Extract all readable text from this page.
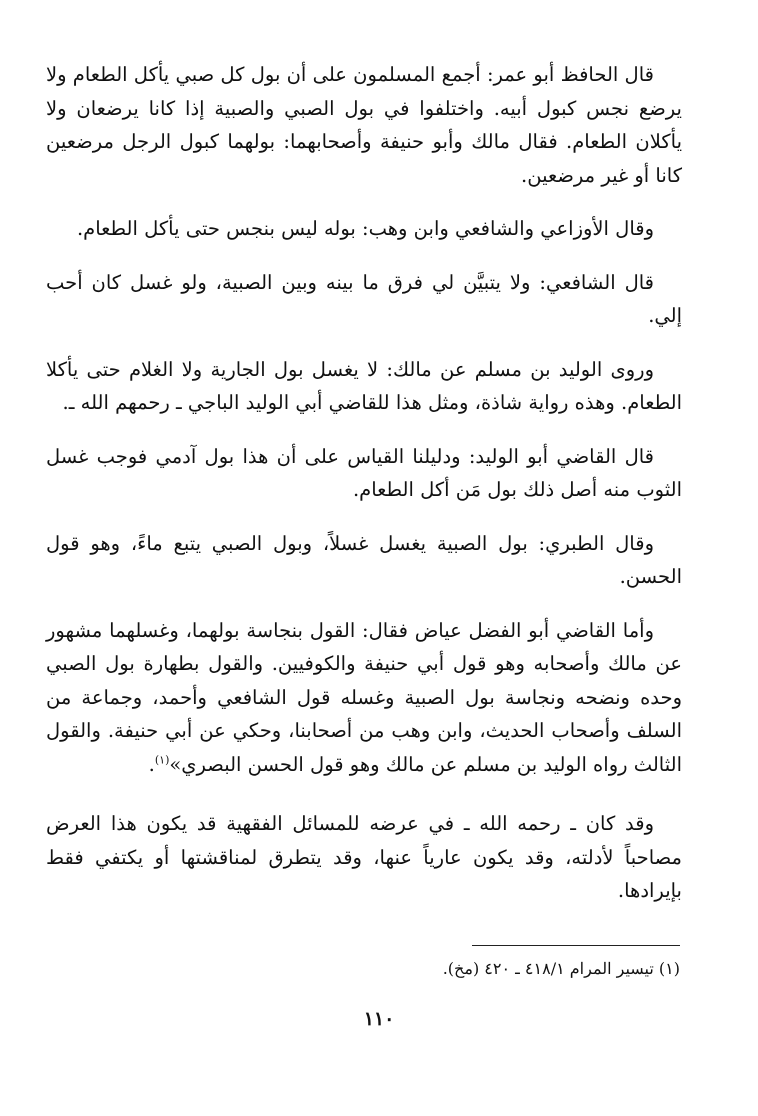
قال الحافظ أبو عمر: أجمع المسلمون على أن بول كل صبي يأكل الطعام ولا يرضع نجس كبول أبيه. واختلفوا في بول الصبي والصبية إذا كانا يرضعان ولا يأكلان الطعام. فقال مالك وأبو حنيفة وأصحابهما: بولهما كبول الرجل مرضعين كانا أو غير مرضعين.

وقال الأوزاعي والشافعي وابن وهب: بوله ليس بنجس حتى يأكل الطعام.

قال الشافعي: ولا يتبيَّن لي فرق ما بينه وبين الصبية، ولو غسل كان أحب إلي.

وروى الوليد بن مسلم عن مالك: لا يغسل بول الجارية ولا الغلام حتى يأكلا الطعام. وهذه رواية شاذة، ومثل هذا للقاضي أبي الوليد الباجي ـ رحمهم الله ـ.

قال القاضي أبو الوليد: ودليلنا القياس على أن هذا بول آدمي فوجب غسل الثوب منه أصل ذلك بول مَن أكل الطعام.

وقال الطبري: بول الصبية يغسل غسلاً، وبول الصبي يتبع ماءً، وهو قول الحسن.

وأما القاضي أبو الفضل عياض فقال: القول بنجاسة بولهما، وغسلهما مشهور عن مالك وأصحابه وهو قول أبي حنيفة والكوفيين. والقول بطهارة بول الصبي وحده ونضحه ونجاسة بول الصبية وغسله قول الشافعي وأحمد، وجماعة من السلف وأصحاب الحديث، وابن وهب من أصحابنا، وحكي عن أبي حنيفة. والقول الثالث رواه الوليد بن مسلم عن مالك وهو قول الحسن البصري»$^{(١)}$.

وقد كان ـ رحمه الله ـ في عرضه للمسائل الفقهية قد يكون هذا العرض مصاحباً لأدلته، وقد يكون عارياً عنها، وقد يتطرق لمناقشتها أو يكتفي فقط بإيرادها.

(١) تيسير المرام ٤١٨/١ ـ ٤٢٠ (مخ).
١١٠
